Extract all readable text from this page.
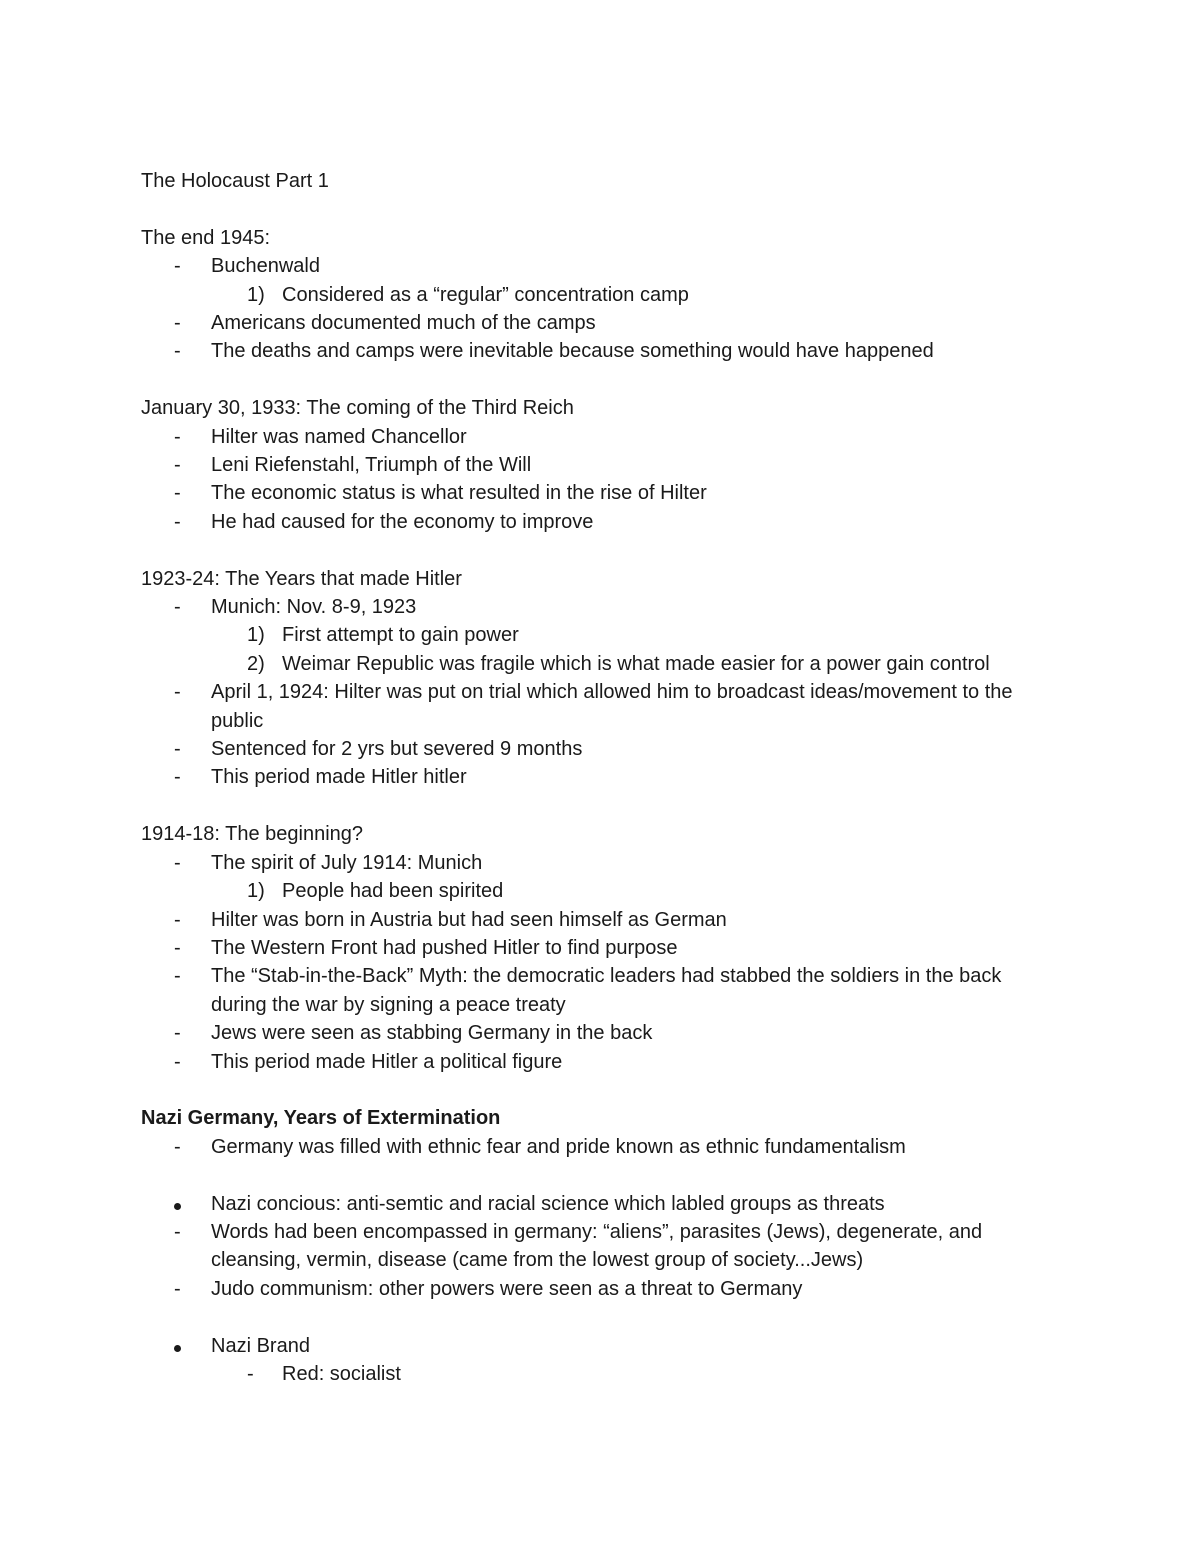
The Holocaust Part 1
The end 1945:
-	Buchenwald
1) Considered as a “regular” concentration camp
-	Americans documented much of the camps
-	The deaths and camps were inevitable because something would have happened
January 30, 1933: The coming of the Third Reich
-	Hilter was named Chancellor
-	Leni Riefenstahl, Triumph of the Will
-	The economic status is what resulted in the rise of Hilter
-	He had caused for the economy to improve
1923-24: The Years that made Hitler
-	Munich: Nov. 8-9, 1923
1) First attempt to gain power
2) Weimar Republic was fragile which is what made easier for a power gain control
-	April 1, 1924: Hilter was put on trial which allowed him to broadcast ideas/movement to the public
-	Sentenced for 2 yrs but severed 9 months
-	This period made Hitler hitler
1914-18: The beginning?
-	The spirit of July 1914: Munich
1) People had been spirited
-	Hilter was born in Austria but had seen himself as German
-	The Western Front had pushed Hitler to find purpose
-	The “Stab-in-the-Back” Myth: the democratic leaders had stabbed the soldiers in the back during the war by signing a peace treaty
-	Jews were seen as stabbing Germany in the back
-	This period made Hitler a political figure
Nazi Germany, Years of Extermination
-	Germany was filled with ethnic fear and pride known as ethnic fundamentalism
Nazi concious: anti-semtic and racial science which labled groups as threats
-	Words had been encompassed in germany: “aliens”, parasites (Jews), degenerate, and cleansing, vermin, disease (came from the lowest group of society...Jews)
-	Judo communism: other powers were seen as a threat to Germany
Nazi Brand
-	Red: socialist
